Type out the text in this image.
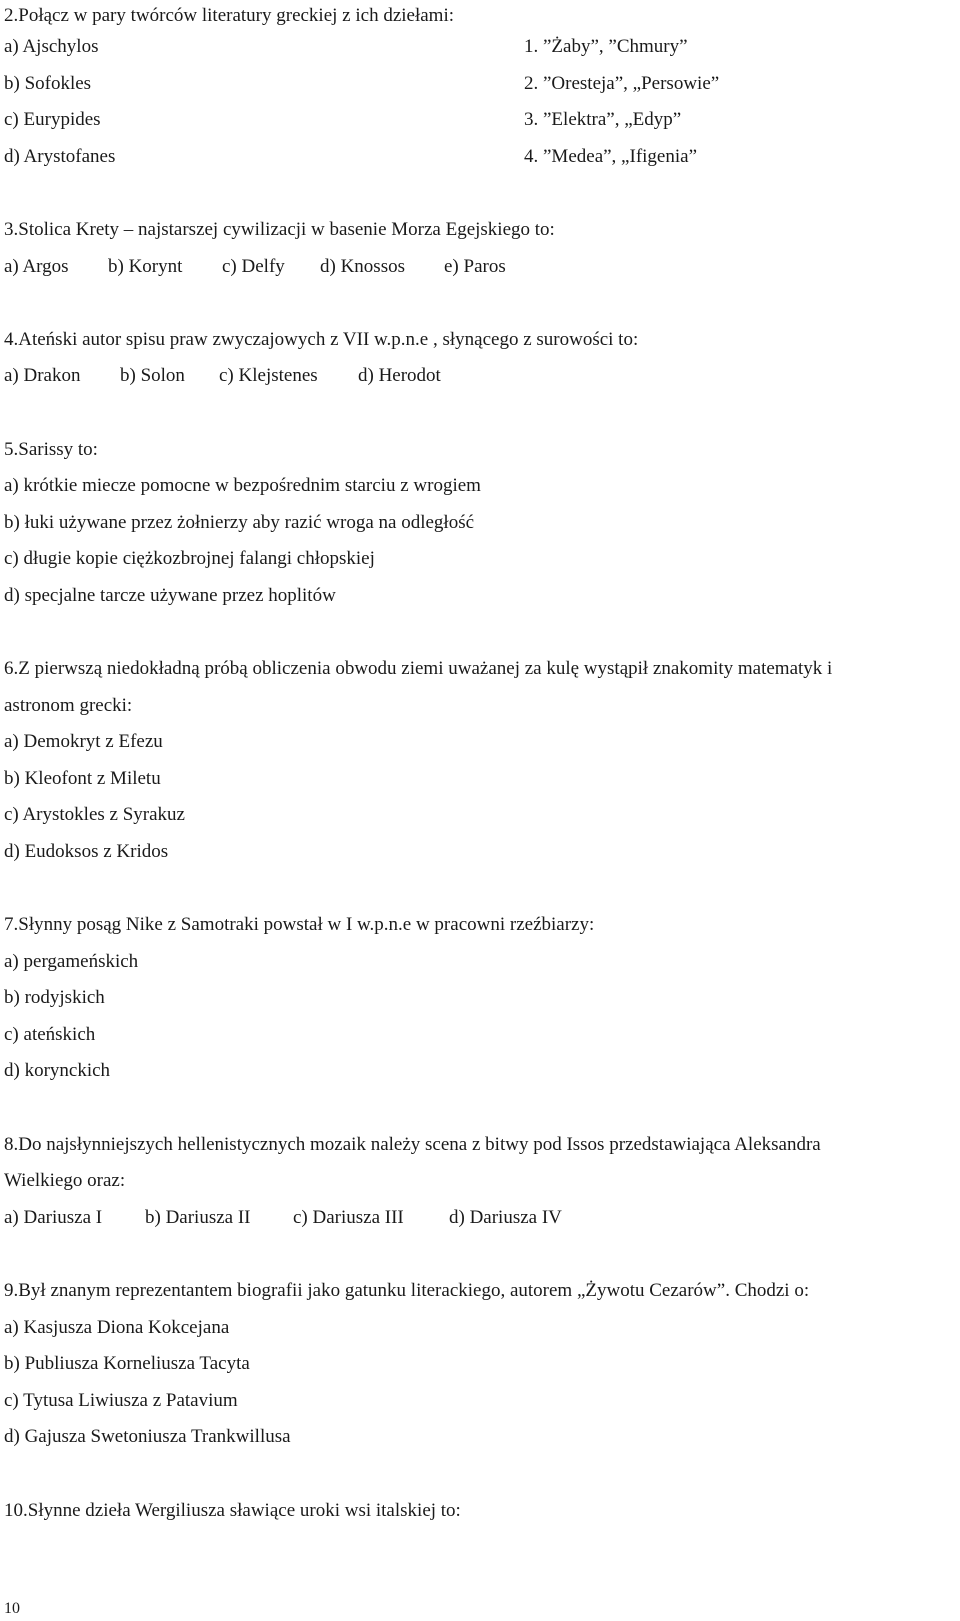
2.Połącz w pary twórców literatury greckiej z ich dziełami:
a) Ajschylos	1. ”Żaby”, ”Chmury”
b) Sofokles	2. ”Oresteja”, „Persowie”
c) Eurypides	3. ”Elektra”, „Edyp”
d) Arystofanes	4. ”Medea”, „Ifigenia”
3.Stolica Krety – najstarszej cywilizacji w basenie Morza Egejskiego to:
a) Argos b) Korynt c) Delfy d) Knossos e) Paros
4.Ateński autor spisu praw zwyczajowych z VII w.p.n.e , słynącego z surowości to:
a) Drakon b) Solon c) Klejstenes d) Herodot
5.Sarissy to:
a) krótkie miecze pomocne w bezpośrednim starciu z wrogiem
b) łuki używane przez żołnierzy aby razić wroga na odległość
c) długie kopie ciężkozbrojnej falangi chłopskiej
d) specjalne tarcze używane przez hoplitów
6.Z pierwszą niedokładną próbą obliczenia obwodu ziemi uważanej za kulę wystąpił znakomity matematyk i
astronom grecki:
a) Demokryt z Efezu
b) Kleofont z Miletu
c) Arystokles z Syrakuz
d) Eudoksos z Kridos
7.Słynny posąg Nike z Samotraki powstał w I w.p.n.e w pracowni rzeźbiarzy:
a) pergameńskich
b) rodyjskich
c) ateńskich
d) korynckich
8.Do najsłynniejszych hellenistycznych mozaik należy scena z bitwy pod Issos przedstawiająca Aleksandra
Wielkiego oraz:
a) Dariusza I b) Dariusza II c) Dariusza III d) Dariusza IV
9.Był znanym reprezentantem biografii jako gatunku literackiego, autorem „Żywotu Cezarów”. Chodzi o:
a) Kasjusza Diona Kokcejana
b) Publiusza Korneliusza Tacyta
c) Tytusa Liwiusza z Patavium
d) Gajusza Swetoniusza Trankwillusa
10.Słynne dzieła Wergiliusza sławiące uroki wsi italskiej to:
10
